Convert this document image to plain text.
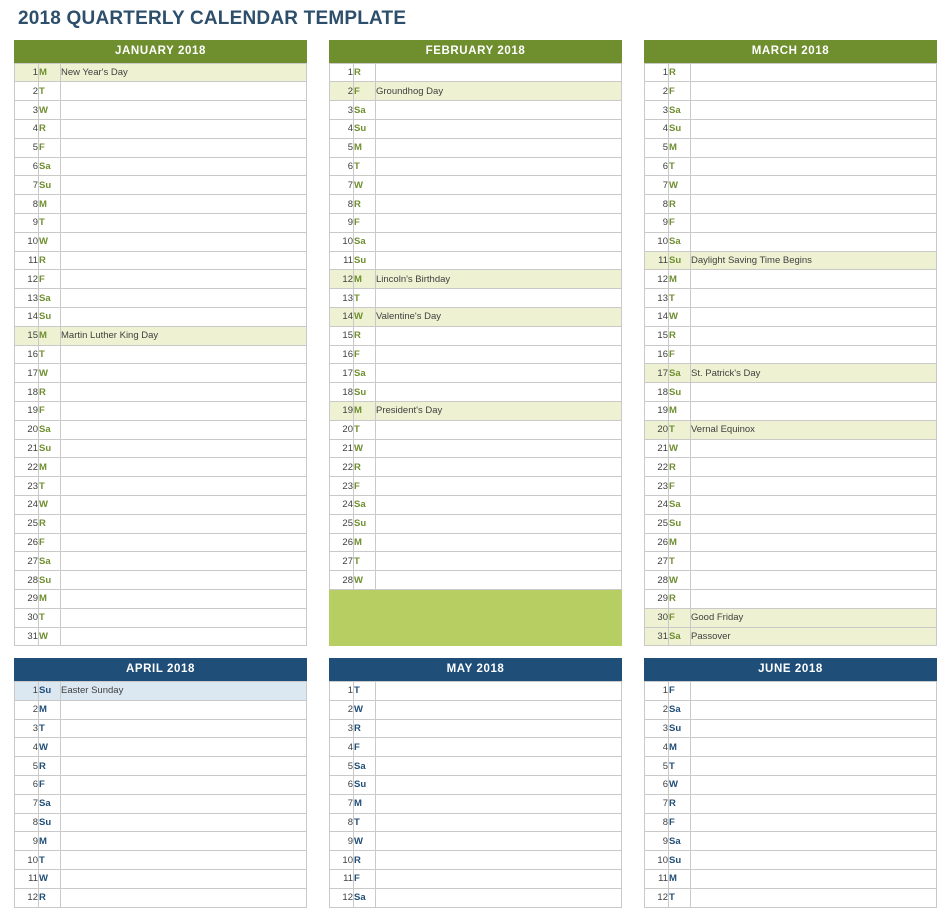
2018 QUARTERLY CALENDAR TEMPLATE
JANUARY 2018
1	M	New Year's Day
2	T	
3	W	
4	R	
5	F	
6	Sa	
7	Su	
8	M	
9	T	
10	W	
11	R	
12	F	
13	Sa	
14	Su	
15	M	Martin Luther King Day
16	T	
17	W	
18	R	
19	F	
20	Sa	
21	Su	
22	M	
23	T	
24	W	
25	R	
26	F	
27	Sa	
28	Su	
29	M	
30	T	
31	W	
FEBRUARY 2018
1	R	
2	F	Groundhog Day
3	Sa	
4	Su	
5	M	
6	T	
7	W	
8	R	
9	F	
10	Sa	
11	Su	
12	M	Lincoln's Birthday
13	T	
14	W	Valentine's Day
15	R	
16	F	
17	Sa	
18	Su	
19	M	President's Day
20	T	
21	W	
22	R	
23	F	
24	Sa	
25	Su	
26	M	
27	T	
28	W	

MARCH 2018
1	R	
2	F	
3	Sa	
4	Su	
5	M	
6	T	
7	W	
8	R	
9	F	
10	Sa	
11	Su	Daylight Saving Time Begins
12	M	
13	T	
14	W	
15	R	
16	F	
17	Sa	St. Patrick's Day
18	Su	
19	M	
20	T	Vernal Equinox
21	W	
22	R	
23	F	
24	Sa	
25	Su	
26	M	
27	T	
28	W	
29	R	
30	F	Good Friday
31	Sa	Passover
APRIL 2018
1	Su	Easter Sunday
2	M	
3	T	
4	W	
5	R	
6	F	
7	Sa	
8	Su	
9	M	
10	T	
11	W	
12	R	
MAY 2018
1	T	
2	W	
3	R	
4	F	
5	Sa	
6	Su	
7	M	
8	T	
9	W	
10	R	
11	F	
12	Sa	
JUNE 2018
1	F	
2	Sa	
3	Su	
4	M	
5	T	
6	W	
7	R	
8	F	
9	Sa	
10	Su	
11	M	
12	T	
